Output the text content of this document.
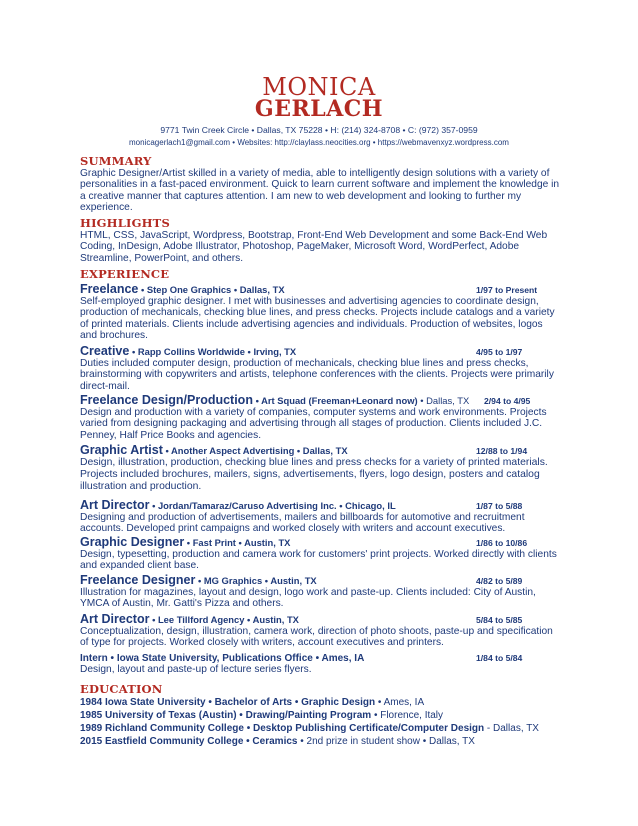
MONICA
GERLACH
9771 Twin Creek Circle • Dallas, TX 75228 • H: (214) 324-8708 • C: (972) 357-0959
monicagerlach1@gmail.com • Websites: http://claylass.neocities.org • https://webmavenxyz.wordpress.com
SUMMARY
Graphic Designer/Artist skilled in a variety of media, able to intelligently design solutions with a variety of personalities in a fast-paced environment. Quick to learn current software and implement the knowledge in a creative manner that captures attention. I am new to web development and looking to further my experience.
HIGHLIGHTS
HTML, CSS, JavaScript, Wordpress, Bootstrap, Front-End Web Development and some Back-End Web Coding, InDesign, Adobe Illustrator, Photoshop, PageMaker, Microsoft Word, WordPerfect, Adobe Streamline, PowerPoint, and others.
EXPERIENCE
Freelance • Step One Graphics • Dallas, TX	1/97 to Present
Self-employed graphic designer. I met with businesses and advertising agencies to coordinate design, production of mechanicals, checking blue lines, and press checks. Projects include catalogs and a variety of printed materials. Clients include advertising agencies and individuals. Production of websites, logos and brochures.
Creative • Rapp Collins Worldwide • Irving, TX	4/95 to 1/97
Duties included computer design, production of mechanicals, checking blue lines and press checks, brainstorming with copywriters and artists, telephone conferences with the clients. Projects were primarily direct-mail.
Freelance Design/Production • Art Squad (Freeman+Leonard now) • Dallas, TX	2/94 to 4/95
Design and production with a variety of companies, computer systems and work environments. Projects varied from designing packaging and advertising through all stages of production. Clients included J.C. Penney, Half Price Books and agencies.
Graphic Artist • Another Aspect Advertising • Dallas, TX	12/88 to 1/94
Design, illustration, production, checking blue lines and press checks for a variety of printed materials. Projects included brochures, mailers, signs, advertisements, flyers, logo design, posters and catalog illustration and production.
Art Director • Jordan/Tamaraz/Caruso Advertising Inc. • Chicago, IL	1/87 to 5/88
Designing and production of advertisements, mailers and billboards for automotive and recruitment accounts. Developed print campaigns and worked closely with writers and account executives.
Graphic Designer • Fast Print • Austin, TX	1/86 to 10/86
Design, typesetting, production and camera work for customers' print projects. Worked directly with clients and expanded client base.
Freelance Designer • MG Graphics • Austin, TX	4/82 to 5/89
Illustration for magazines, layout and design, logo work and paste-up. Clients included: City of Austin, YMCA of Austin, Mr. Gatti's Pizza and others.
Art Director • Lee Tillford Agency • Austin, TX	5/84 to 5/85
Conceptualization, design, illustration, camera work, direction of photo shoots, paste-up and specification of type for projects. Worked closely with writers, account executives and printers.
Intern • Iowa State University, Publications Office • Ames, IA	1/84 to 5/84
Design, layout and paste-up of lecture series flyers.
EDUCATION
1984 Iowa State University • Bachelor of Arts • Graphic Design • Ames, IA
1985 University of Texas (Austin) • Drawing/Painting Program • Florence, Italy
1989 Richland Community College • Desktop Publishing Certificate/Computer Design - Dallas, TX
2015 Eastfield Community College • Ceramics • 2nd prize in student show • Dallas, TX
